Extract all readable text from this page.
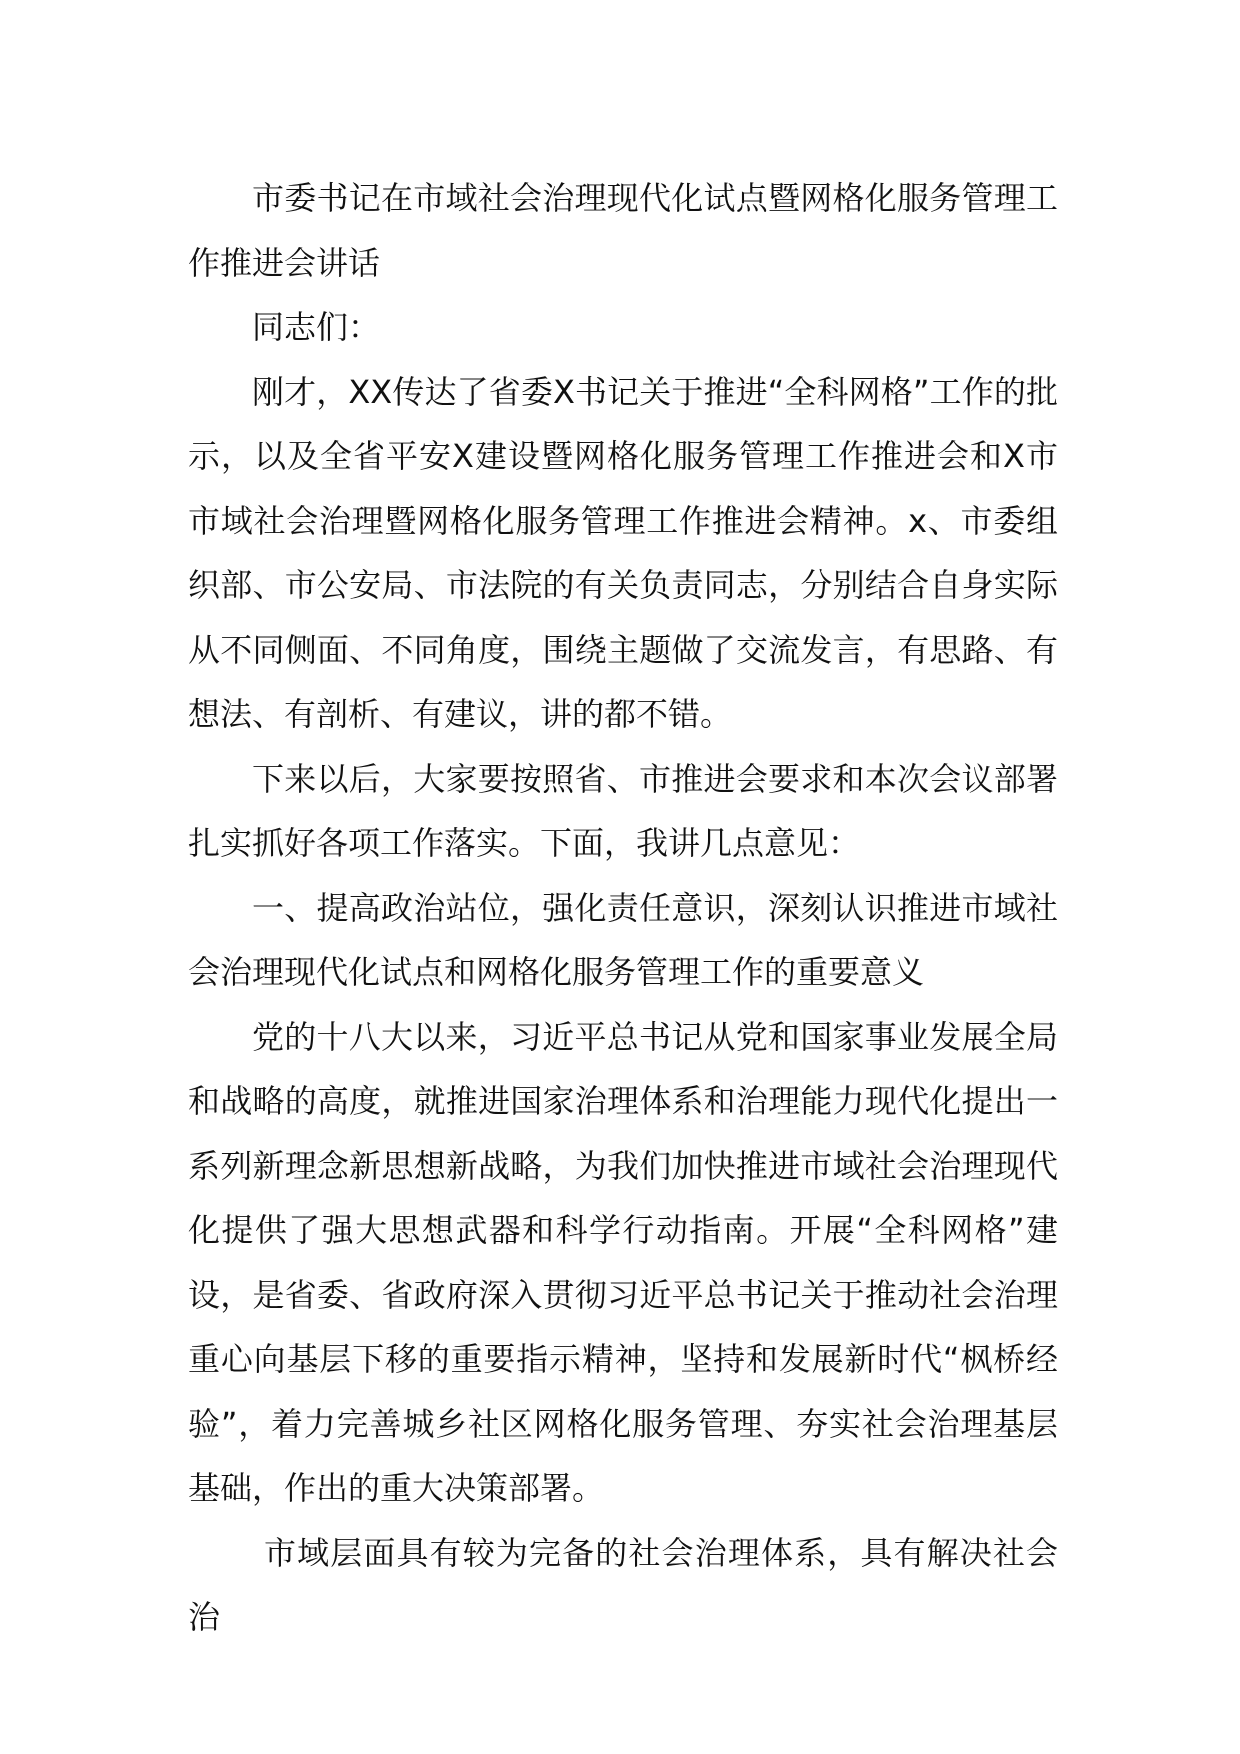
市委书记在市域社会治理现代化试点暨网格化服务管理工作推进会讲话

同志们：

刚才，XX传达了省委X书记关于推进“全科网格”工作的批示，以及全省平安X建设暨网格化服务管理工作推进会和X市市域社会治理暨网格化服务管理工作推进会精神。x、市委组织部、市公安局、市法院的有关负责同志，分别结合自身实际从不同侧面、不同角度，围绕主题做了交流发言，有思路、有想法、有剖析、有建议，讲的都不错。

下来以后，大家要按照省、市推进会要求和本次会议部署扎实抓好各项工作落实。下面，我讲几点意见：

一、提高政治站位，强化责任意识，深刻认识推进市域社会治理现代化试点和网格化服务管理工作的重要意义

党的十八大以来，习近平总书记从党和国家事业发展全局和战略的高度，就推进国家治理体系和治理能力现代化提出一系列新理念新思想新战略，为我们加快推进市域社会治理现代化提供了强大思想武器和科学行动指南。开展“全科网格”建设，是省委、省政府深入贯彻习近平总书记关于推动社会治理重心向基层下移的重要指示精神，坚持和发展新时代“枫桥经验”，着力完善城乡社区网格化服务管理、夯实社会治理基层基础，作出的重大决策部署。

市域层面具有较为完备的社会治理体系，具有解决社会治
